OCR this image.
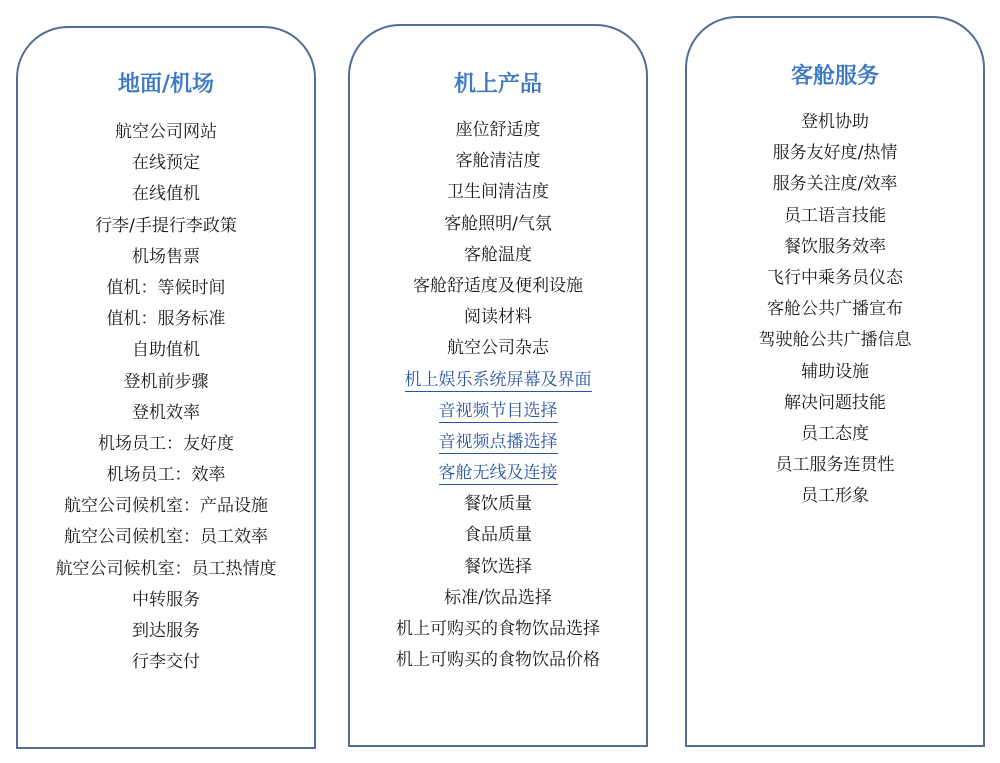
地面/机场
航空公司网站
在线预定
在线值机
行李/手提行李政策
机场售票
值机：等候时间
值机：服务标准
自助值机
登机前步骤
登机效率
机场员工：友好度
机场员工：效率
航空公司候机室：产品设施
航空公司候机室：员工效率
航空公司候机室：员工热情度
中转服务
到达服务
行李交付
机上产品
座位舒适度
客舱清洁度
卫生间清洁度
客舱照明/气氛
客舱温度
客舱舒适度及便利设施
阅读材料
航空公司杂志
机上娱乐系统屏幕及界面
音视频节目选择
音视频点播选择
客舱无线及连接
餐饮质量
食品质量
餐饮选择
标准/饮品选择
机上可购买的食物饮品选择
机上可购买的食物饮品价格
客舱服务
登机协助
服务友好度/热情
服务关注度/效率
员工语言技能
餐饮服务效率
飞行中乘务员仪态
客舱公共广播宣布
驾驶舱公共广播信息
辅助设施
解决问题技能
员工态度
员工服务连贯性
员工形象
